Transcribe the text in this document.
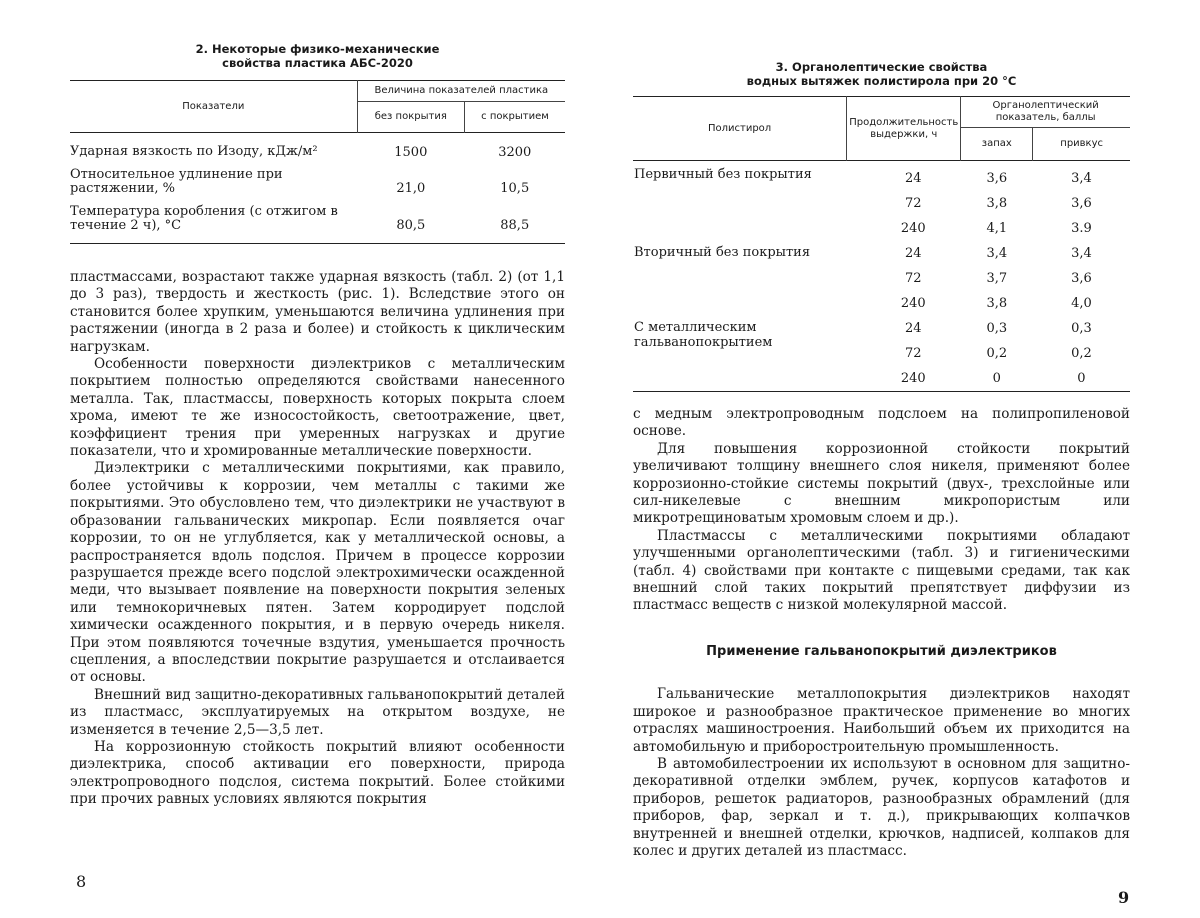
2. Некоторые физико-механические
свойства пластика АБС-2020
Показатели	Величина показателей пластика	
	без покрытия	с покрытием
Ударная вязкость по Изоду, кДж/м²	1500	3200
Относительное удлинение при растяжении, %	21,0	10,5
Температура коробления (с отжигом в течение 2 ч), °С	80,5	88,5

пластмассами, возрастают также ударная вязкость (табл. 2) (от 1,1 до 3 раз), твердость и жесткость (рис. 1). Вследствие этого он становится более хрупким, уменьшаются величина удлинения при растяжении (иногда в 2 раза и более) и стойкость к циклическим нагрузкам.

Особенности поверхности диэлектриков с металлическим покрытием полностью определяются свойствами нанесенного металла. Так, пластмассы, поверхность которых покрыта слоем хрома, имеют те же износостойкость, светоотражение, цвет, коэффициент трения при умеренных нагрузках и другие показатели, что и хромированные металлические поверхности.

Диэлектрики с металлическими покрытиями, как правило, более устойчивы к коррозии, чем металлы с такими же покрытиями. Это обусловлено тем, что диэлектрики не участвуют в образовании гальванических микропар. Если появляется очаг коррозии, то он не углубляется, как у металлической основы, а распространяется вдоль подслоя. Причем в процессе коррозии разрушается прежде всего подслой электрохимически осажденной меди, что вызывает появление на поверхности покрытия зеленых или темнокоричневых пятен. Затем корродирует подслой химически осажденного покрытия, и в первую очередь никеля. При этом появляются точечные вздутия, уменьшается прочность сцепления, а впоследствии покрытие разрушается и отслаивается от основы.

Внешний вид защитно-декоративных гальванопокрытий деталей из пластмасс, эксплуатируемых на открытом воздухе, не изменяется в течение 2,5—3,5 лет.

На коррозионную стойкость покрытий влияют особенности диэлектрика, способ активации его поверхности, природа электропроводного подслоя, система покрытий. Более стойкими при прочих равных условиях являются покрытия

8
3. Органолептические свойства
водных вытяжек полистирола при 20 °С
Полистирол	Продолжительность выдержки, ч	Органолептический показатель, баллы	
		запах	привкус
Первичный без покрытия	24	3,6	3,4
	72	3,8	3,6
	240	4,1	3.9
Вторичный без покрытия	24	3,4	3,4
	72	3,7	3,6
	240	3,8	4,0
С металлическим гальванопокрытием	24	0,3	0,3
	72	0,2	0,2
	240	0	0

с медным электропроводным подслоем на полипропиленовой основе.

Для повышения коррозионной стойкости покрытий увеличивают толщину внешнего слоя никеля, применяют более коррозионно-стойкие системы покрытий (двух-, трехслойные или сил-никелевые с внешним микропористым или микротрещиноватым хромовым слоем и др.).

Пластмассы с металлическими покрытиями обладают улучшенными органолептическими (табл. 3) и гигиеническими (табл. 4) свойствами при контакте с пищевыми средами, так как внешний слой таких покрытий препятствует диффузии из пластмасс веществ с низкой молекулярной массой.

Применение гальванопокрытий диэлектриков

Гальванические металлопокрытия диэлектриков находят широкое и разнообразное практическое применение во многих отраслях машиностроения. Наибольший объем их приходится на автомобильную и приборостроительную промышленность.

В автомобилестроении их используют в основном для защитно-декоративной отделки эмблем, ручек, корпусов катафотов и приборов, решеток радиаторов, разнообразных обрамлений (для приборов, фар, зеркал и т. д.), прикрывающих колпачков внутренней и внешней отделки, крючков, надписей, колпаков для колес и других деталей из пластмасс.

9
